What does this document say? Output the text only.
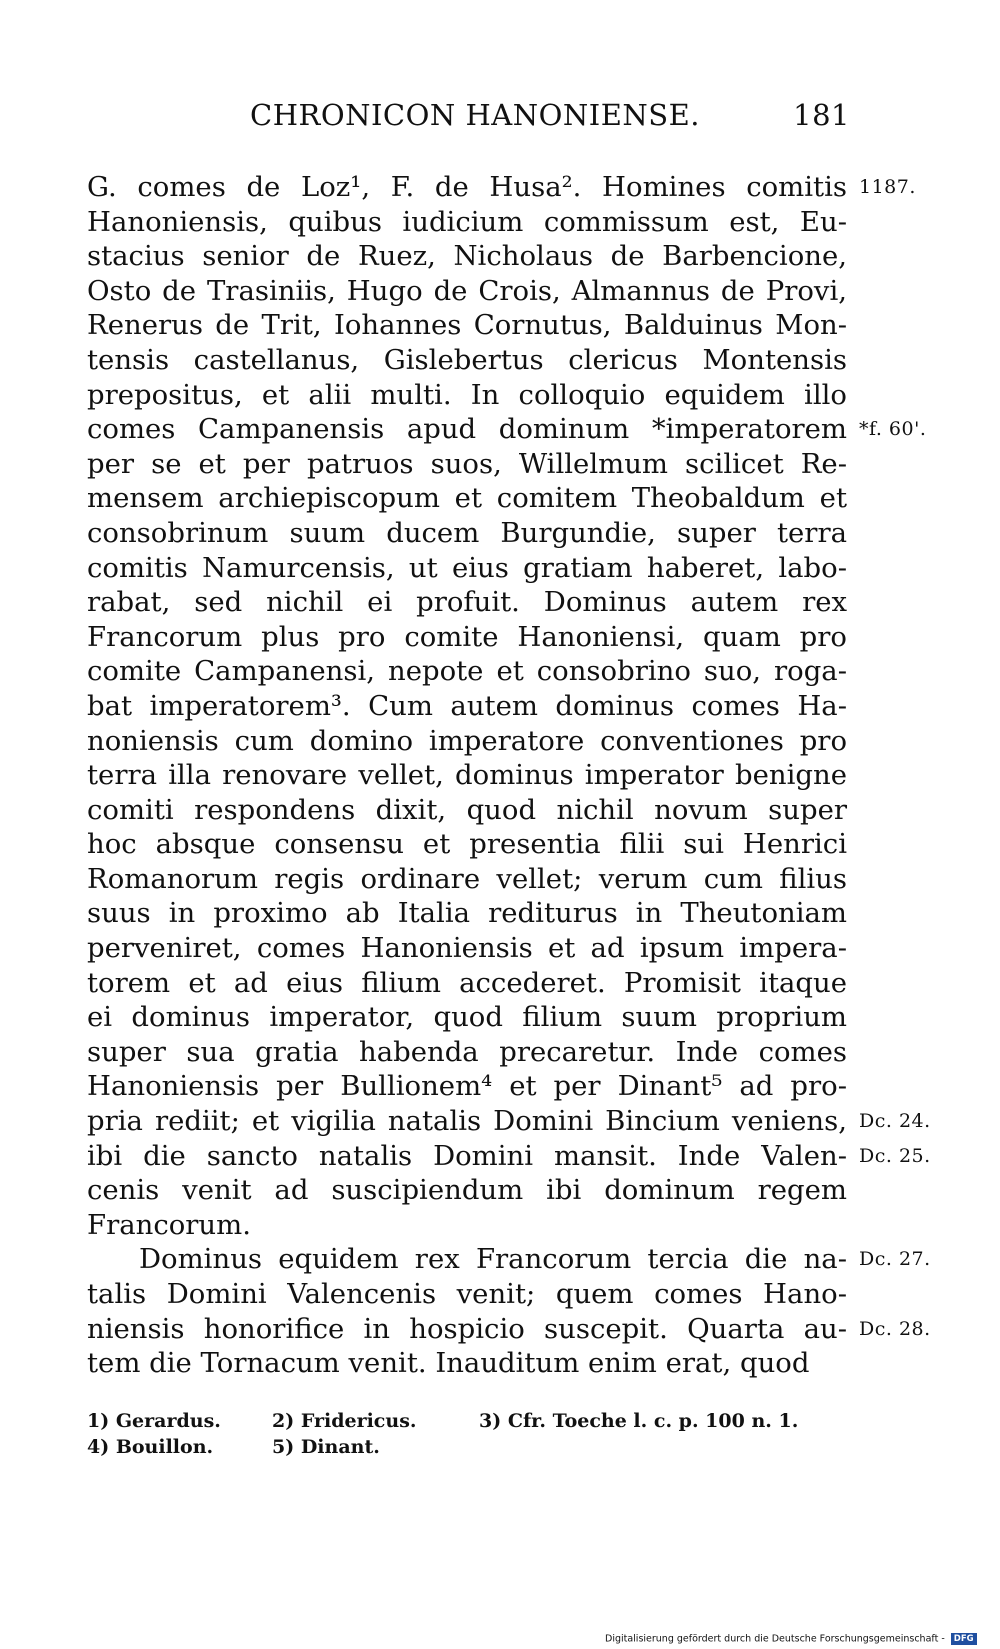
CHRONICON HANONIENSE.	181
G. comes de Loz¹, F. de Husa². Homines comitis 1187.
Hanoniensis, quibus iudicium commissum est, Eu-
stacius senior de Ruez, Nicholaus de Barbencione,
Osto de Trasiniis, Hugo de Crois, Almannus de Provi,
Renerus de Trit, Iohannes Cornutus, Balduinus Mon-
tensis castellanus, Gislebertus clericus Montensis
prepositus, et alii multi. In colloquio equidem illo
comes Campanensis apud dominum *imperatorem *f. 60'.
per se et per patruos suos, Willelmum scilicet Re-
mensem archiepiscopum et comitem Theobaldum et
consobrinum suum ducem Burgundie, super terra
comitis Namurcensis, ut eius gratiam haberet, labo-
rabat, sed nichil ei profuit. Dominus autem rex
Francorum plus pro comite Hanoniensi, quam pro
comite Campanensi, nepote et consobrino suo, roga-
bat imperatorem³. Cum autem dominus comes Ha-
noniensis cum domino imperatore conventiones pro
terra illa renovare vellet, dominus imperator benigne
comiti respondens dixit, quod nichil novum super
hoc absque consensu et presentia filii sui Henrici
Romanorum regis ordinare vellet; verum cum filius
suus in proximo ab Italia rediturus in Theutoniam
perveniret, comes Hanoniensis et ad ipsum impera-
torem et ad eius filium accederet. Promisit itaque
ei dominus imperator, quod filium suum proprium
super sua gratia habenda precaretur. Inde comes
Hanoniensis per Bullionem⁴ et per Dinant⁵ ad pro-
pria rediit; et vigilia natalis Domini Bincium veniens, Dc. 24.
ibi die sancto natalis Domini mansit. Inde Valen- Dc. 25.
cenis venit ad suscipiendum ibi dominum regem
Francorum.
Dominus equidem rex Francorum tercia die na- Dc. 27.
talis Domini Valencenis venit; quem comes Hano-
niensis honorifice in hospicio suscepit. Quarta au- Dc. 28.
tem die Tornacum venit. Inauditum enim erat, quod
1) Gerardus.	2) Fridericus.	3) Cfr. Toeche l. c. p. 100 n. 1.
4) Bouillon.	5) Dinant.
Digitalisierung gefördert durch die Deutsche Forschungsgemeinschaft - DFG
